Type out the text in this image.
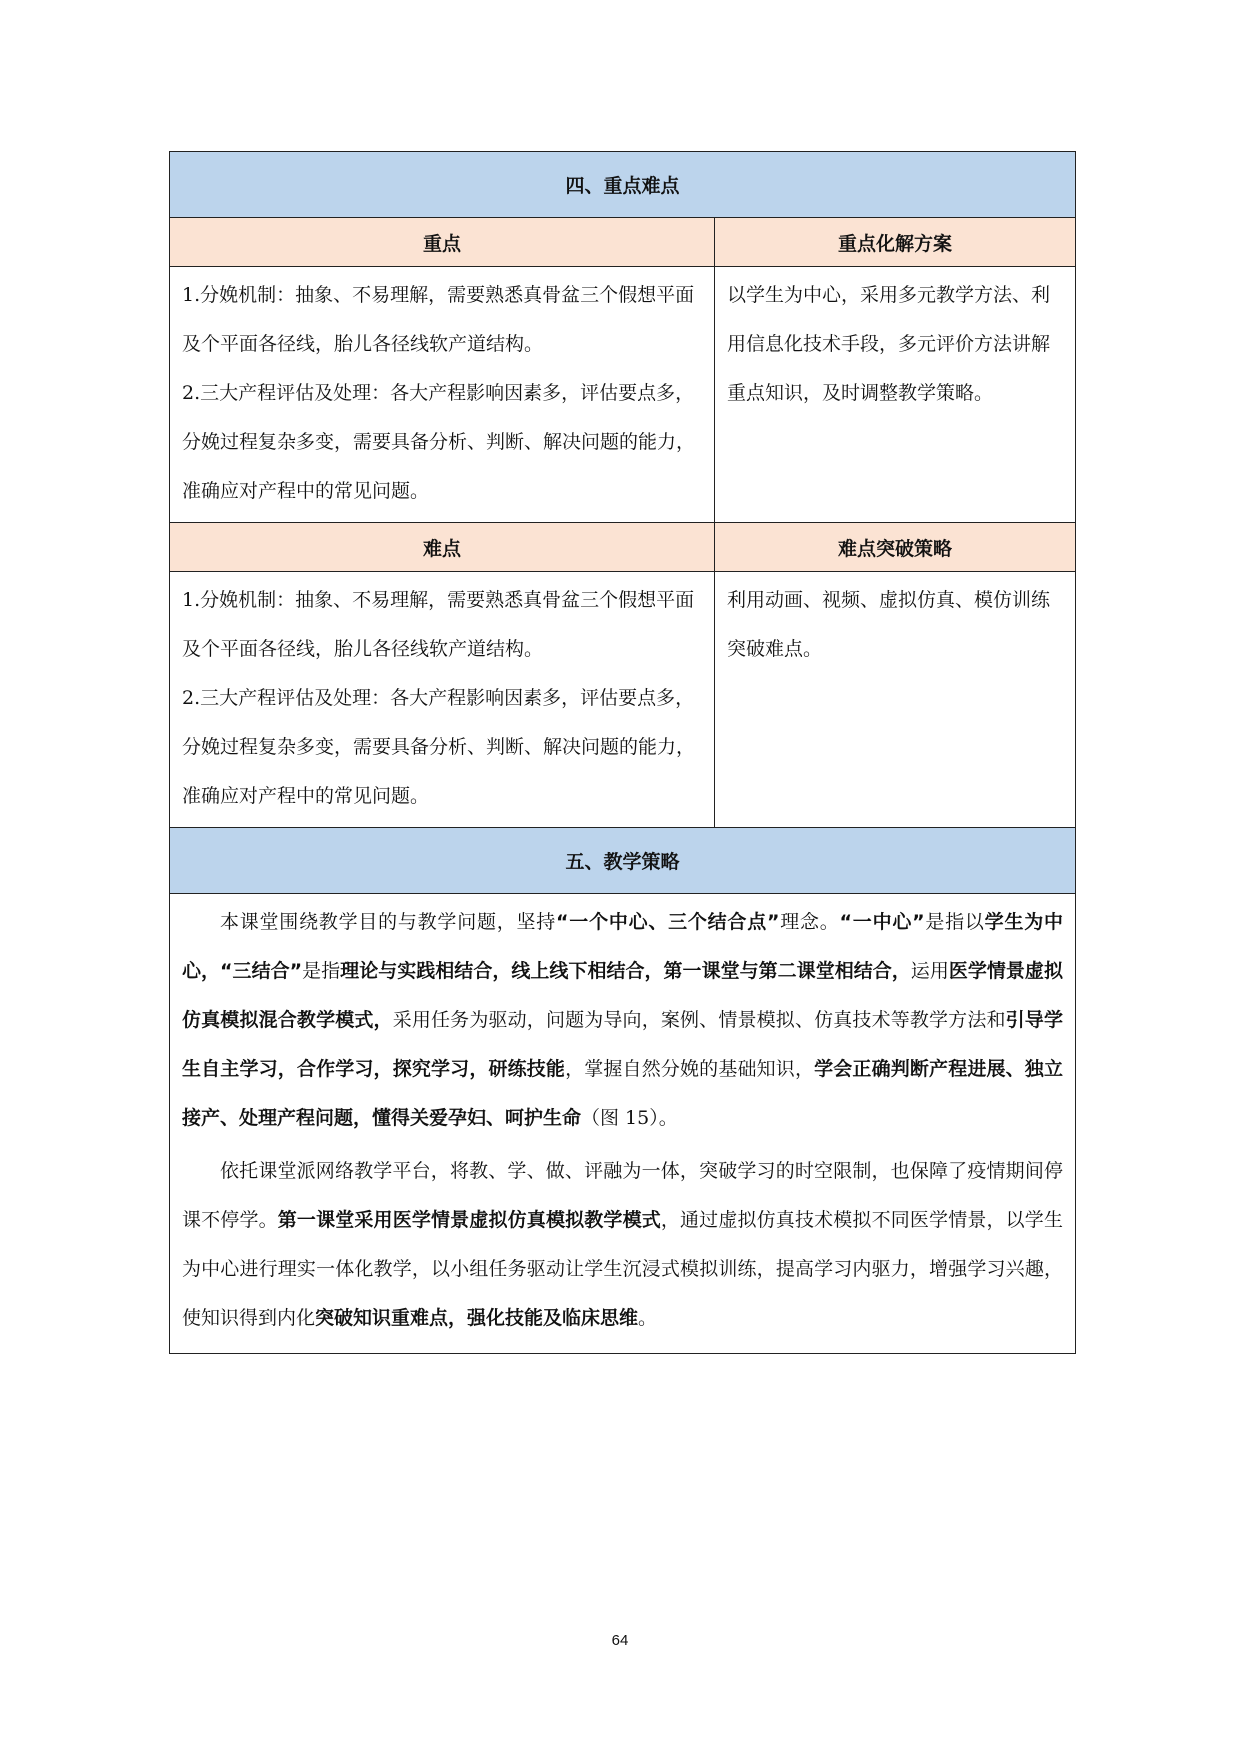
四、重点难点
重点	重点化解方案

1.分娩机制：抽象、不易理解，需要熟悉真骨盆三个假想平面及个平面各径线，胎儿各径线软产道结构。

2.三大产程评估及处理：各大产程影响因素多，评估要点多，分娩过程复杂多变，需要具备分析、判断、解决问题的能力，准确应对产程中的常见问题。

以学生为中心，采用多元教学方法、利用信息化技术手段，多元评价方法讲解重点知识，及时调整教学策略。

难点	难点突破策略

1.分娩机制：抽象、不易理解，需要熟悉真骨盆三个假想平面及个平面各径线，胎儿各径线软产道结构。

2.三大产程评估及处理：各大产程影响因素多，评估要点多，分娩过程复杂多变，需要具备分析、判断、解决问题的能力，准确应对产程中的常见问题。

利用动画、视频、虚拟仿真、模仿训练突破难点。

五、教学策略

本课堂围绕教学目的与教学问题，坚持“一个中心、三个结合点”理念。“一中心”是指以学生为中心，“三结合”是指理论与实践相结合，线上线下相结合，第一课堂与第二课堂相结合，运用医学情景虚拟仿真模拟混合教学模式，采用任务为驱动，问题为导向，案例、情景模拟、仿真技术等教学方法和引导学生自主学习，合作学习，探究学习，研练技能，掌握自然分娩的基础知识，学会正确判断产程进展、独立接产、处理产程问题，懂得关爱孕妇、呵护生命（图 15）。

依托课堂派网络教学平台，将教、学、做、评融为一体，突破学习的时空限制，也保障了疫情期间停课不停学。第一课堂采用医学情景虚拟仿真模拟教学模式，通过虚拟仿真技术模拟不同医学情景，以学生为中心进行理实一体化教学，以小组任务驱动让学生沉浸式模拟训练，提高学习内驱力，增强学习兴趣，使知识得到内化突破知识重难点，强化技能及临床思维。

64
